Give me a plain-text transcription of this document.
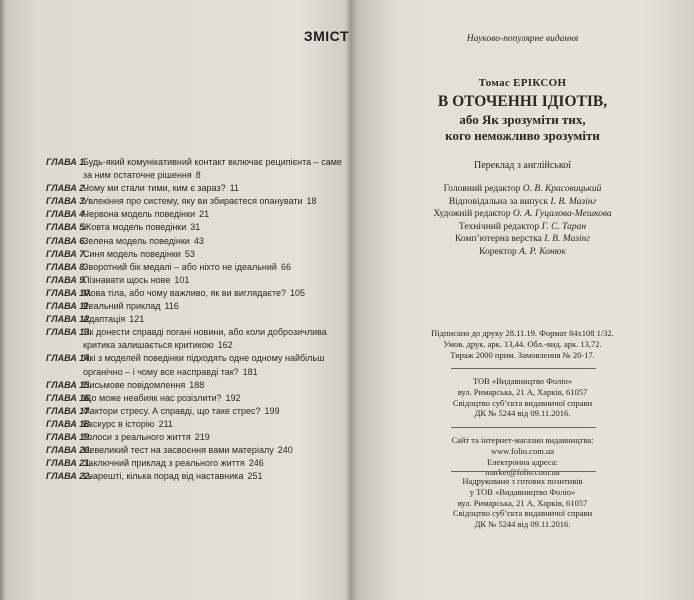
ЗМІСТ
ГЛАВА 1.
Будь-який комунікативний контакт включає реципієнта – саме за ним остаточне рішення 8
ГЛАВА 2.
Чому ми стали тими, ким є зараз? 11
ГЛАВА 3.
Увлекіння про систему, яку ви збираєтеся опанувати 18
ГЛАВА 4.
Червона модель поведінки 21
ГЛАВА 5.
Жовта модель поведінки 31
ГЛАВА 6.
Зелена модель поведінки 43
ГЛАВА 7.
Синя модель поведінки 53
ГЛАВА 8.
Зворотний бік медалі – або ніхто не ідеальний 66
ГЛАВА 9.
Пізнавати щось нове 101
ГЛАВА 10.
Мова тіла, або чому важливо, як ви виглядаєте? 105
ГЛАВА 11.
Реальний приклад 116
ГЛАВА 12.
Адаптація 121
ГЛАВА 13.
Як донести справді погані новини, або коли доброзичлива критика залишається критикою 162
ГЛАВА 14.
Які з моделей поведінки підходять одне одному найбільш органічно – і чому все насправді так? 181
ГЛАВА 15.
Письмове повідомлення 188
ГЛАВА 16.
Що може неабияк нас розізлити? 192
ГЛАВА 17.
Фактори стресу. А справді, що таке стрес? 199
ГЛАВА 18.
Екскурс в історію 211
ГЛАВА 19.
Голоси з реального життя 219
ГЛАВА 20.
Невеликий тест на засвоєння вами матеріалу 240
ГЛАВА 21.
Заключний приклад з реального життя 246
ГЛАВА 22.
І нарешті, кілька порад від наставника 251
Науково-популярне видання
Томас ЕРІКСОН
В ОТОЧЕННІ ІДІОТІВ,
або Як зрозуміти тих,
кого неможливо зрозуміти
Переклад з англійської
Головний редактор О. В. Красовицький
Відповідальна за випуск І. В. Мазінг
Художній редактор О. А. Гуцалова-Мешкова
Технічний редактор Г. С. Таран
Комп’ютерна верстка І. В. Мазінг
Коректор А. Р. Конюк
Підписано до друку 28.11.19. Формат 84х108 1/32.
Умов. друк. арк. 13,44. Обл.-вид. арк. 13,72.
Тираж 2000 прим. Замовлення № 20-17.
ТОВ «Видавництво Фоліо»
вул. Римарська, 21 А, Харків, 61057
Свідоцтво суб’єкта видавничої справи
ДК № 5244 від 09.11.2016.
Сайт та інтернет-магазин видавництва:
www.folio.com.ua
Електронна адреса:
market@folio.com.ua
Надруковано з готових позитивів
у ТОВ «Видавництво Фоліо»
вул. Римарська, 21 А, Харків, 61057
Свідоцтво суб’єкта видавничої справи
ДК № 5244 від 09.11.2016.
